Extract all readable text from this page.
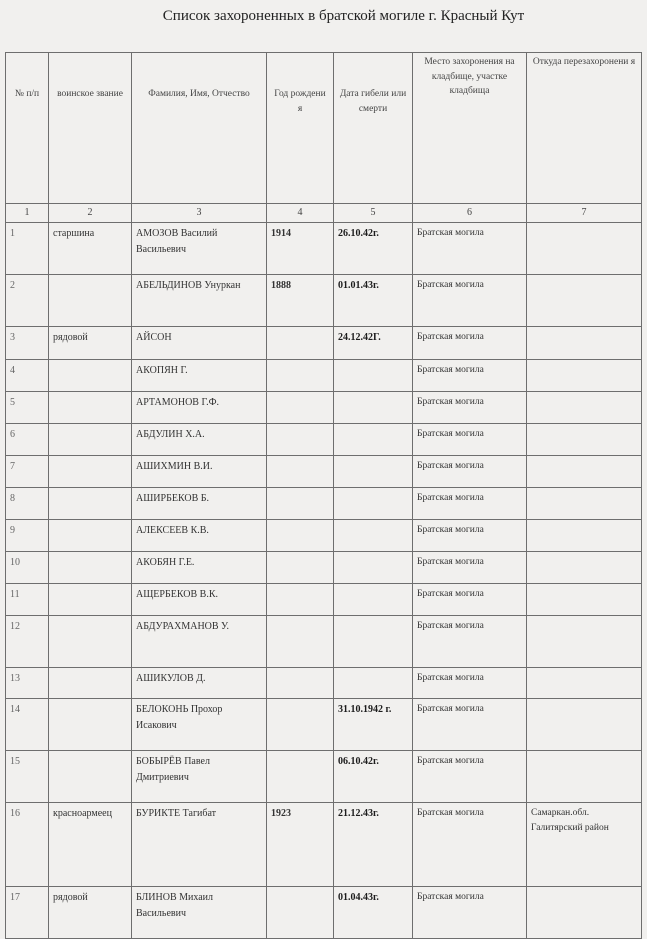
Список захороненных в братской могиле г. Красный Кут
№ п/п	воинское звание	Фамилия, Имя, Отчество	Год рождени я	Дата гибели или смерти	Место захоронения на кладбище, участке кладбища	Откуда перезахоронени я
1	2	3	4	5	6	7
1	старшина	АМОЗОВ Василий Васильевич	1914	26.10.42г.	Братская могила	
2		АБЕЛЬДИНОВ Унуркан	1888	01.01.43г.	Братская могила	
3	рядовой	АЙСОН		24.12.42Г.	Братская могила	
4		АКОПЯН Г.			Братская могила	
5		АРТАМОНОВ Г.Ф.			Братская могила	
6		АБДУЛИН Х.А.			Братская могила	
7		АШИХМИН В.И.			Братская могила	
8		АШИРБЕКОВ Б.			Братская могила	
9		АЛЕКСЕЕВ К.В.			Братская могила	
10		АКОБЯН Г.Е.			Братская могила	
11		АЩЕРБЕКОВ В.К.			Братская могила	
12		АБДУРАХМАНОВ У.			Братская могила	
13		АШИКУЛОВ Д.			Братская могила	
14		БЕЛОКОНЬ Прохор Исакович		31.10.1942 г.	Братская могила	
15		БОБЫРЁВ Павел Дмитриевич		06.10.42г.	Братская могила	
16	красноармеец	БУРИКТЕ Тагибат	1923	21.12.43г.	Братская могила	Самаркан.обл. Галитярский район
17	рядовой	БЛИНОВ Михаил Васильевич		01.04.43г.	Братская могила	
